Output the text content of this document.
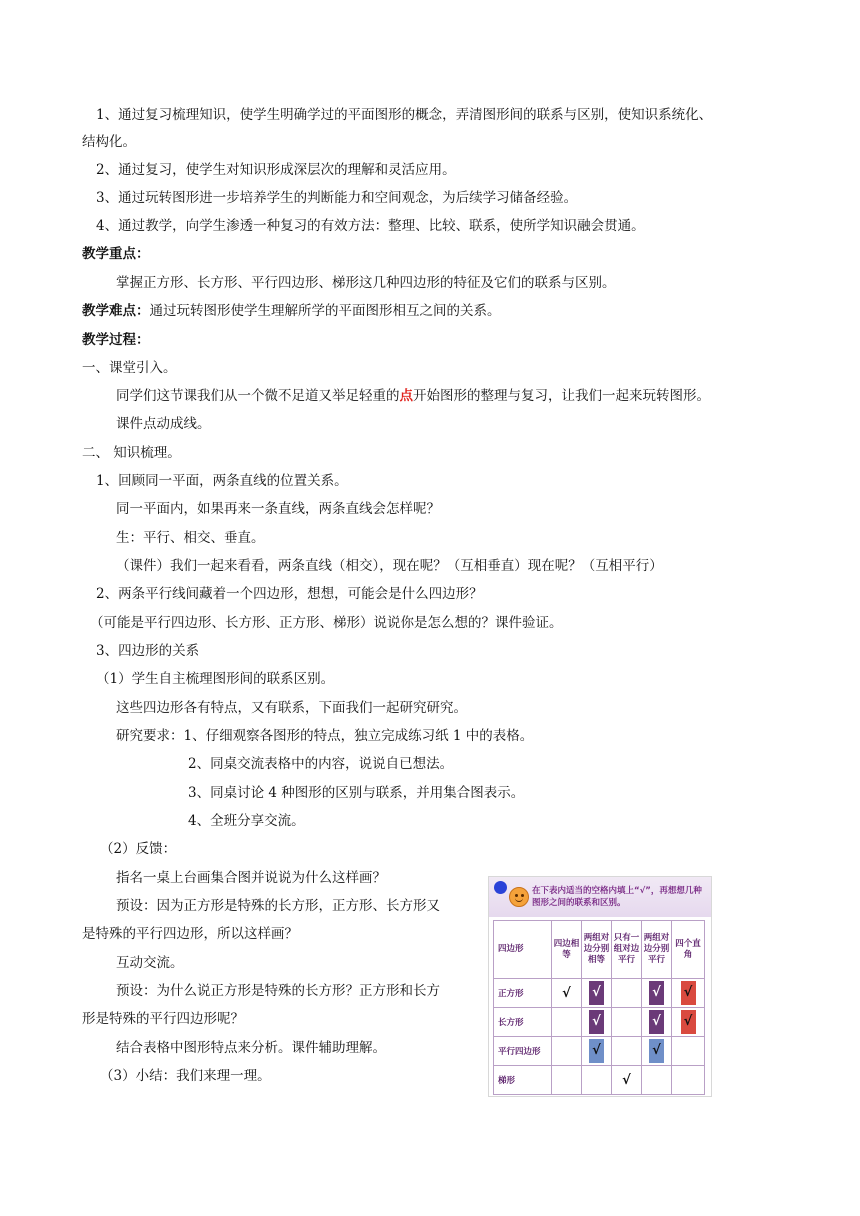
1、通过复习梳理知识，使学生明确学过的平面图形的概念，弄清图形间的联系与区别，使知识系统化、
结构化。
2、通过复习，使学生对知识形成深层次的理解和灵活应用。
3、通过玩转图形进一步培养学生的判断能力和空间观念，为后续学习储备经验。
4、通过教学，向学生渗透一种复习的有效方法：整理、比较、联系，使所学知识融会贯通。
教学重点：
掌握正方形、长方形、平行四边形、梯形这几种四边形的特征及它们的联系与区别。
教学难点：通过玩转图形使学生理解所学的平面图形相互之间的关系。
教学过程：
一、课堂引入。
同学们这节课我们从一个微不足道又举足轻重的点开始图形的整理与复习，让我们一起来玩转图形。
课件点动成线。
二、 知识梳理。
1、回顾同一平面，两条直线的位置关系。
同一平面内，如果再来一条直线，两条直线会怎样呢？
生：平行、相交、垂直。
（课件）我们一起来看看，两条直线（相交），现在呢？（互相垂直）现在呢？（互相平行）
2、两条平行线间藏着一个四边形，想想，可能会是什么四边形？
（可能是平行四边形、长方形、正方形、梯形）说说你是怎么想的？课件验证。
3、四边形的关系
（1）学生自主梳理图形间的联系区别。
这些四边形各有特点，又有联系，下面我们一起研究研究。
研究要求：1、仔细观察各图形的特点，独立完成练习纸 1 中的表格。
2、同桌交流表格中的内容，说说自已想法。
3、同桌讨论 4 种图形的区别与联系，并用集合图表示。
4、全班分享交流。
（2）反馈：
指名一桌上台画集合图并说说为什么这样画？
预设：因为正方形是特殊的长方形，正方形、长方形又
是特殊的平行四边形，所以这样画？
互动交流。
预设：为什么说正方形是特殊的长方形？正方形和长方
形是特殊的平行四边形呢？
结合表格中图形特点来分析。课件辅助理解。
（3）小结：我们来理一理。
在下表内适当的空格内填上“√”，再想想几种图形之间的联系和区别。
四边形	四边相等	两组对边分别相等	只有一组对边平行	两组对边分别平行	四个直角
正方形	√	√		√	√
长方形		√		√	√
平行四边形		√		√	
梯形			√		
